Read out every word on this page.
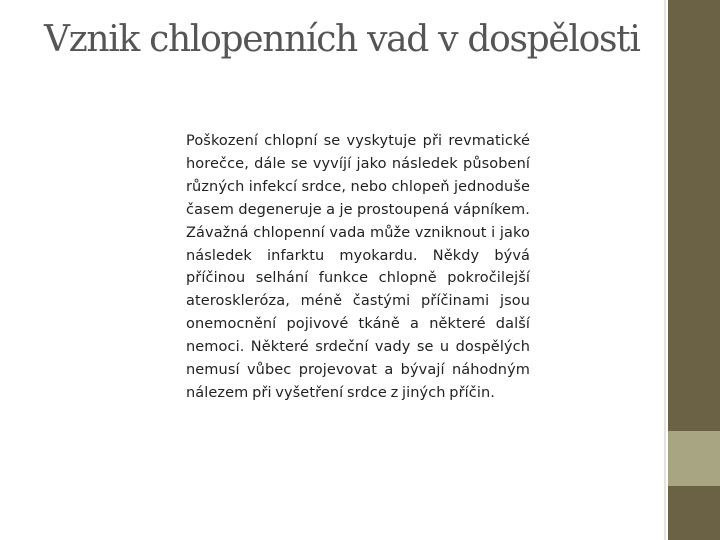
Vznik chlopenních vad v dospělosti

Poškození chlopní se vyskytuje při revmatické horečce, dále se vyvíjí jako následek působení různých infekcí srdce, nebo chlopeň jednoduše časem degeneruje a je prostoupená vápníkem. Závažná chlopenní vada může vzniknout i jako následek infarktu myokardu. Někdy bývá příčinou selhání funkce chlopně pokročilejší ateroskleróza, méně častými příčinami jsou onemocnění pojivové tkáně a některé další nemoci. Některé srdeční vady se u dospělých nemusí vůbec projevovat a bývají náhodným nálezem při vyšetření srdce z jiných příčin.
